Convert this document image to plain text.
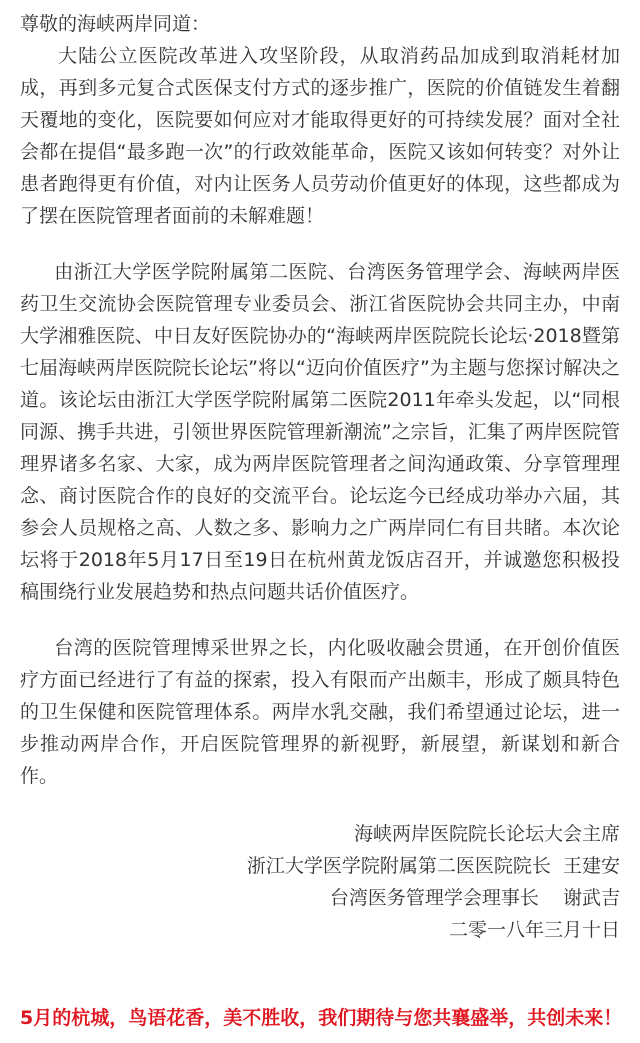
尊敬的海峡两岸同道：

大陆公立医院改革进入攻坚阶段，从取消药品加成到取消耗材加成，再到多元复合式医保支付方式的逐步推广，医院的价值链发生着翻天覆地的变化，医院要如何应对才能取得更好的可持续发展？面对全社会都在提倡“最多跑一次”的行政效能革命，医院又该如何转变？对外让患者跑得更有价值，对内让医务人员劳动价值更好的体现，这些都成为了摆在医院管理者面前的未解难题！

由浙江大学医学院附属第二医院、台湾医务管理学会、海峡两岸医药卫生交流协会医院管理专业委员会、浙江省医院协会共同主办，中南大学湘雅医院、中日友好医院协办的“海峡两岸医院院长论坛·2018暨第七届海峡两岸医院院长论坛”将以“迈向价值医疗”为主题与您探讨解决之道。该论坛由浙江大学医学院附属第二医院2011年牵头发起，以“同根同源、携手共进，引领世界医院管理新潮流”之宗旨，汇集了两岸医院管理界诸多名家、大家，成为两岸医院管理者之间沟通政策、分享管理理念、商讨医院合作的良好的交流平台。论坛迄今已经成功举办六届，其参会人员规格之高、人数之多、影响力之广两岸同仁有目共睹。本次论坛将于2018年5月17日至19日在杭州黄龙饭店召开，并诚邀您积极投稿围绕行业发展趋势和热点问题共话价值医疗。

台湾的医院管理博采世界之长，内化吸收融会贯通，在开创价值医疗方面已经进行了有益的探索，投入有限而产出颇丰，形成了颇具特色的卫生保健和医院管理体系。两岸水乳交融，我们希望通过论坛，进一步推动两岸合作，开启医院管理界的新视野，新展望，新谋划和新合作。

海峡两岸医院院长论坛大会主席

浙江大学医学院附属第二医医院院长  王建安

台湾医务管理学会理事长    谢武吉

二零一八年三月十日

5月的杭城，鸟语花香，美不胜收，我们期待与您共襄盛举，共创未来！
